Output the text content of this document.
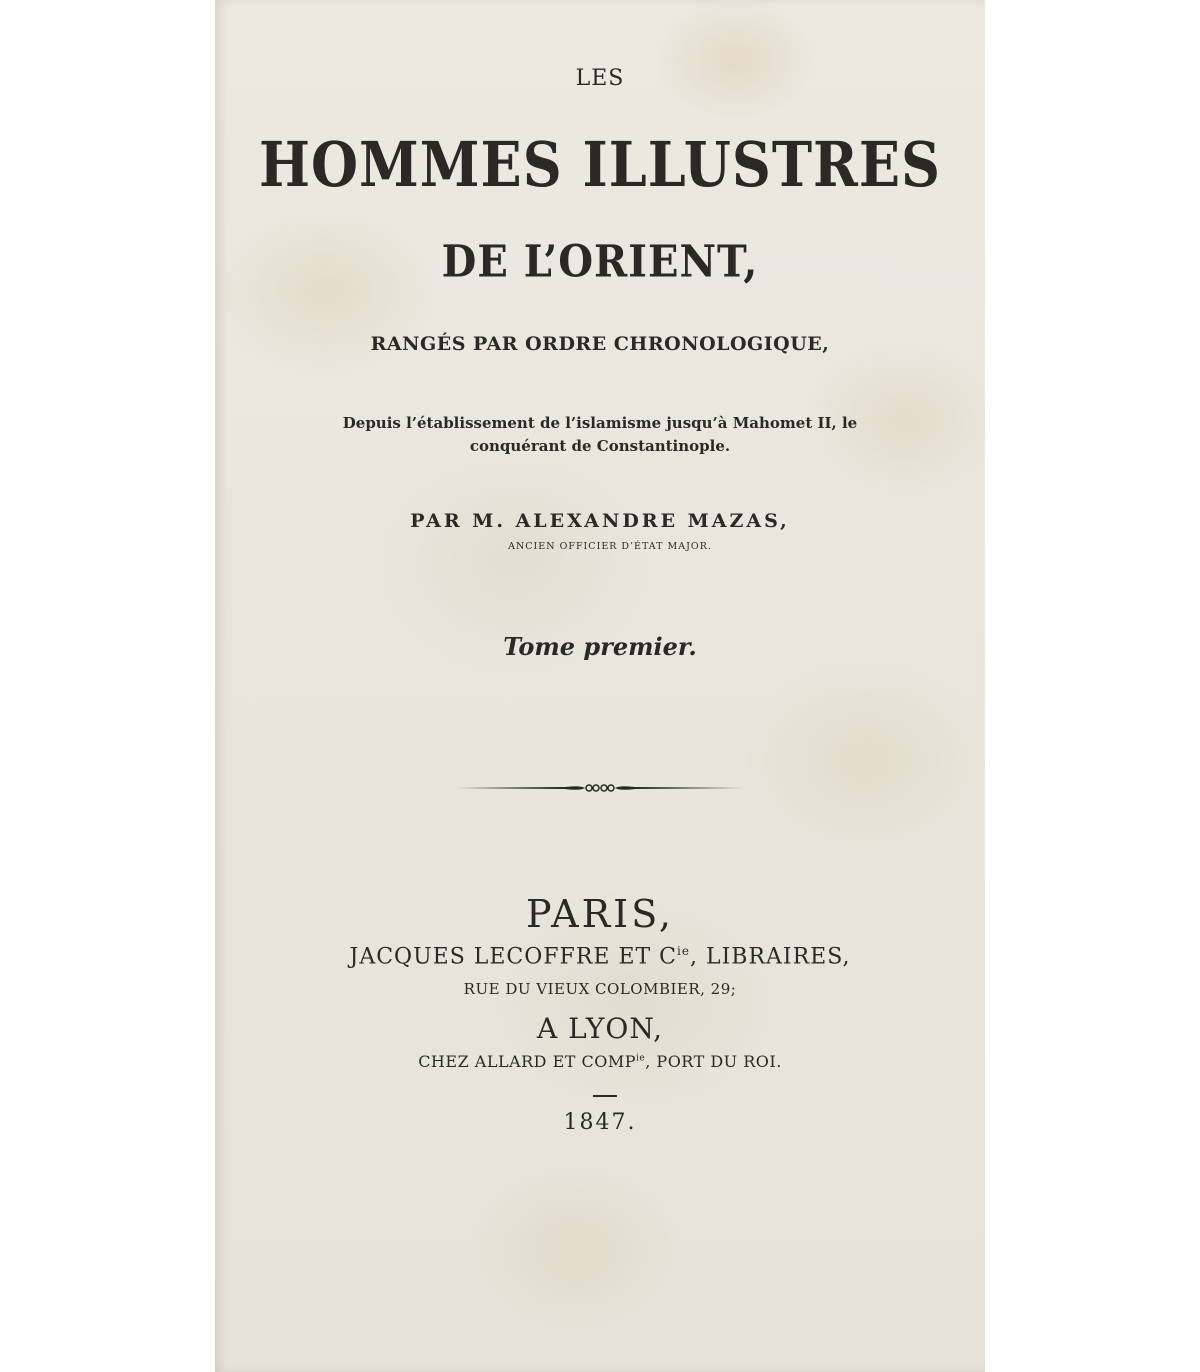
LES
HOMMES ILLUSTRES
DE L’ORIENT,
RANGÉS PAR ORDRE CHRONOLOGIQUE,
Depuis l’établissement de l’islamisme jusqu’à Mahomet II, le
conquérant de Constantinople.
PAR M. ALEXANDRE MAZAS,
ANCIEN OFFICIER D’ÉTAT MAJOR.
Tome premier.
PARIS,
JACQUES LECOFFRE ET $C^{ie}$, LIBRAIRES,
RUE DU VIEUX COLOMBIER, 29;
A LYON,
CHEZ ALLARD ET $COMP^{ie}$, PORT DU ROI.
1847.
